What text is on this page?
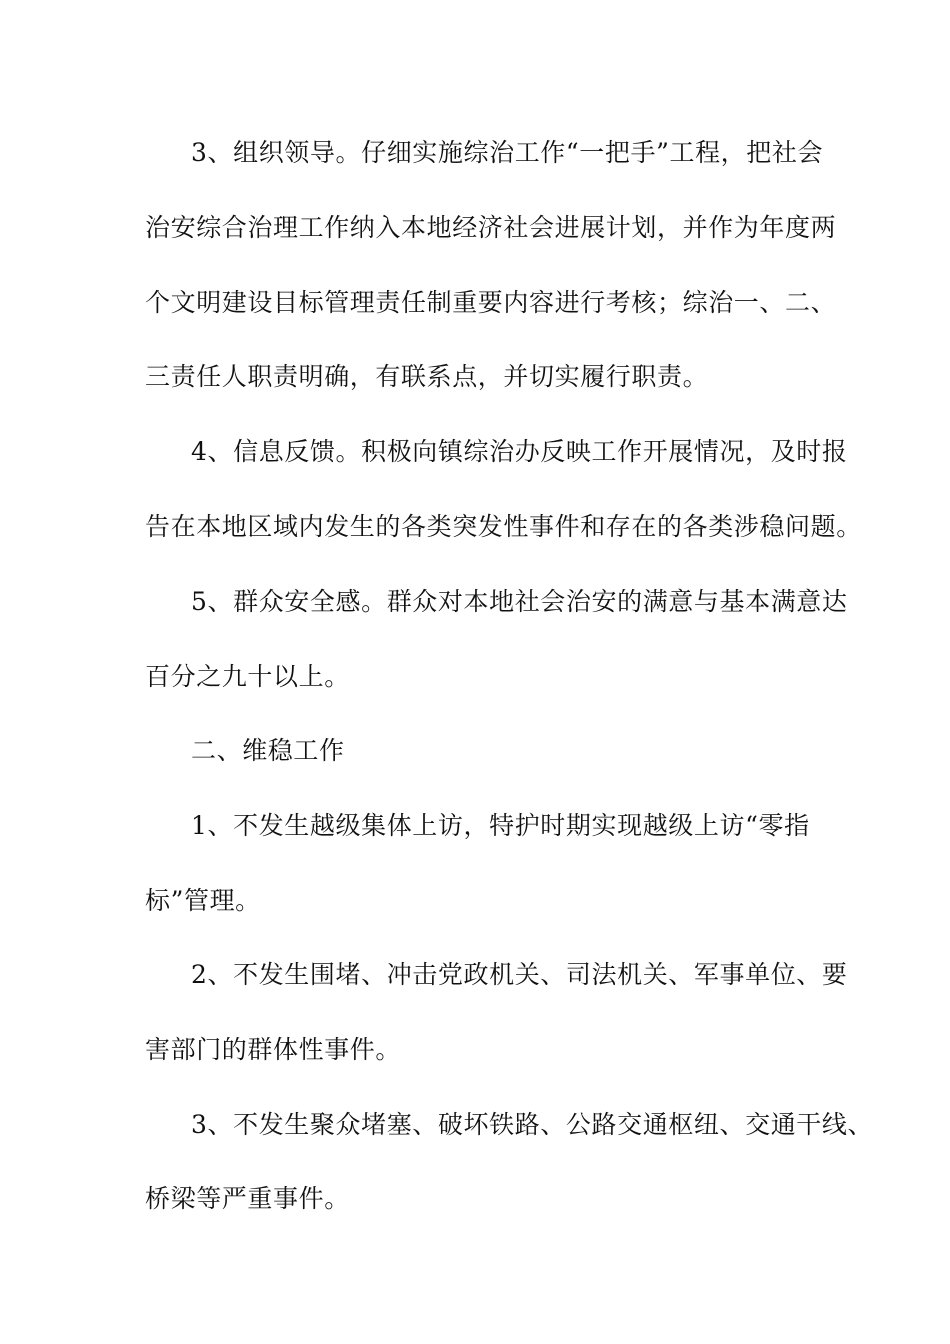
3、组织领导。仔细实施综治工作“一把手”工程，把社会
治安综合治理工作纳入本地经济社会进展计划，并作为年度两
个文明建设目标管理责任制重要内容进行考核；综治一、二、
三责任人职责明确，有联系点，并切实履行职责。
4、信息反馈。积极向镇综治办反映工作开展情况，及时报
告在本地区域内发生的各类突发性事件和存在的各类涉稳问题。
5、群众安全感。群众对本地社会治安的满意与基本满意达
百分之九十以上。
二、维稳工作
1、不发生越级集体上访，特护时期实现越级上访“零指
标”管理。
2、不发生围堵、冲击党政机关、司法机关、军事单位、要
害部门的群体性事件。
3、不发生聚众堵塞、破坏铁路、公路交通枢纽、交通干线、
桥梁等严重事件。
